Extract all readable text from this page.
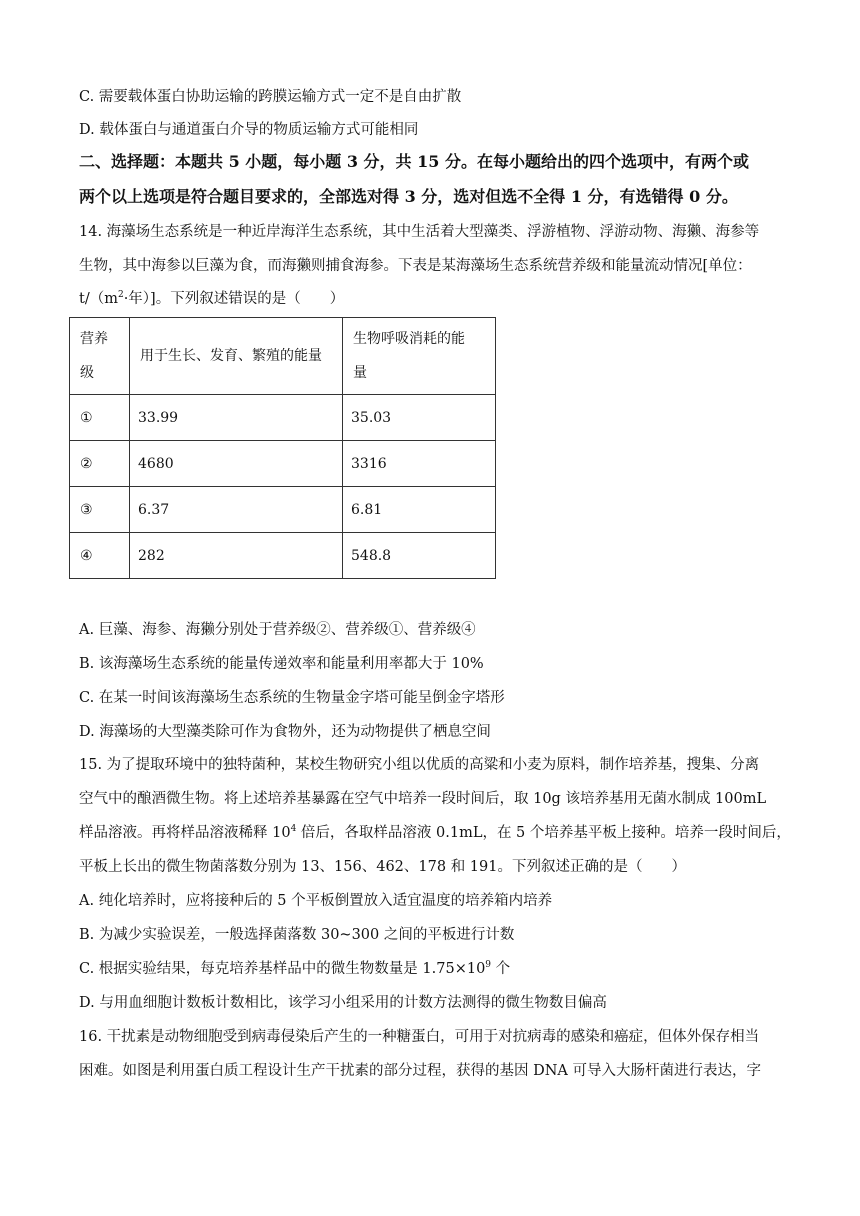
C. 需要载体蛋白协助运输的跨膜运输方式一定不是自由扩散
D. 载体蛋白与通道蛋白介导的物质运输方式可能相同
二、选择题：本题共 5 小题，每小题 3 分，共 15 分。在每小题给出的四个选项中，有两个或
两个以上选项是符合题目要求的，全部选对得 3 分，选对但选不全得 1 分，有选错得 0 分。
14. 海藻场生态系统是一种近岸海洋生态系统，其中生活着大型藻类、浮游植物、浮游动物、海獭、海参等
生物，其中海参以巨藻为食，而海獭则捕食海参。下表是某海藻场生态系统营养级和能量流动情况[单位：
$t/(m^2\cdot$年）]。下列叙述错误的是（　　）
营养
级	用于生长、发育、繁殖的能量	生物呼吸消耗的能
量
①	33.99	35.03
②	4680	3316
③	6.37	6.81
④	282	548.8
A. 巨藻、海参、海獭分别处于营养级②、营养级①、营养级④
B. 该海藻场生态系统的能量传递效率和能量利用率都大于 10%
C. 在某一时间该海藻场生态系统的生物量金字塔可能呈倒金字塔形
D. 海藻场的大型藻类除可作为食物外，还为动物提供了栖息空间
15. 为了提取环境中的独特菌种，某校生物研究小组以优质的高粱和小麦为原料，制作培养基，搜集、分离
空气中的酿酒微生物。将上述培养基暴露在空气中培养一段时间后，取 10g 该培养基用无菌水制成 100mL
样品溶液。再将样品溶液稀释 $10^4$ 倍后，各取样品溶液 0.1mL，在 5 个培养基平板上接种。培养一段时间后，
平板上长出的微生物菌落数分别为 13、156、462、178 和 191。下列叙述正确的是（　　）
A. 纯化培养时，应将接种后的 5 个平板倒置放入适宜温度的培养箱内培养
B. 为减少实验误差，一般选择菌落数 30~300 之间的平板进行计数
C. 根据实验结果，每克培养基样品中的微生物数量是 $1.75\times 10^9$ 个
D. 与用血细胞计数板计数相比，该学习小组采用的计数方法测得的微生物数目偏高
16. 干扰素是动物细胞受到病毒侵染后产生的一种糖蛋白，可用于对抗病毒的感染和癌症，但体外保存相当
困难。如图是利用蛋白质工程设计生产干扰素的部分过程，获得的基因 DNA 可导入大肠杆菌进行表达，字
